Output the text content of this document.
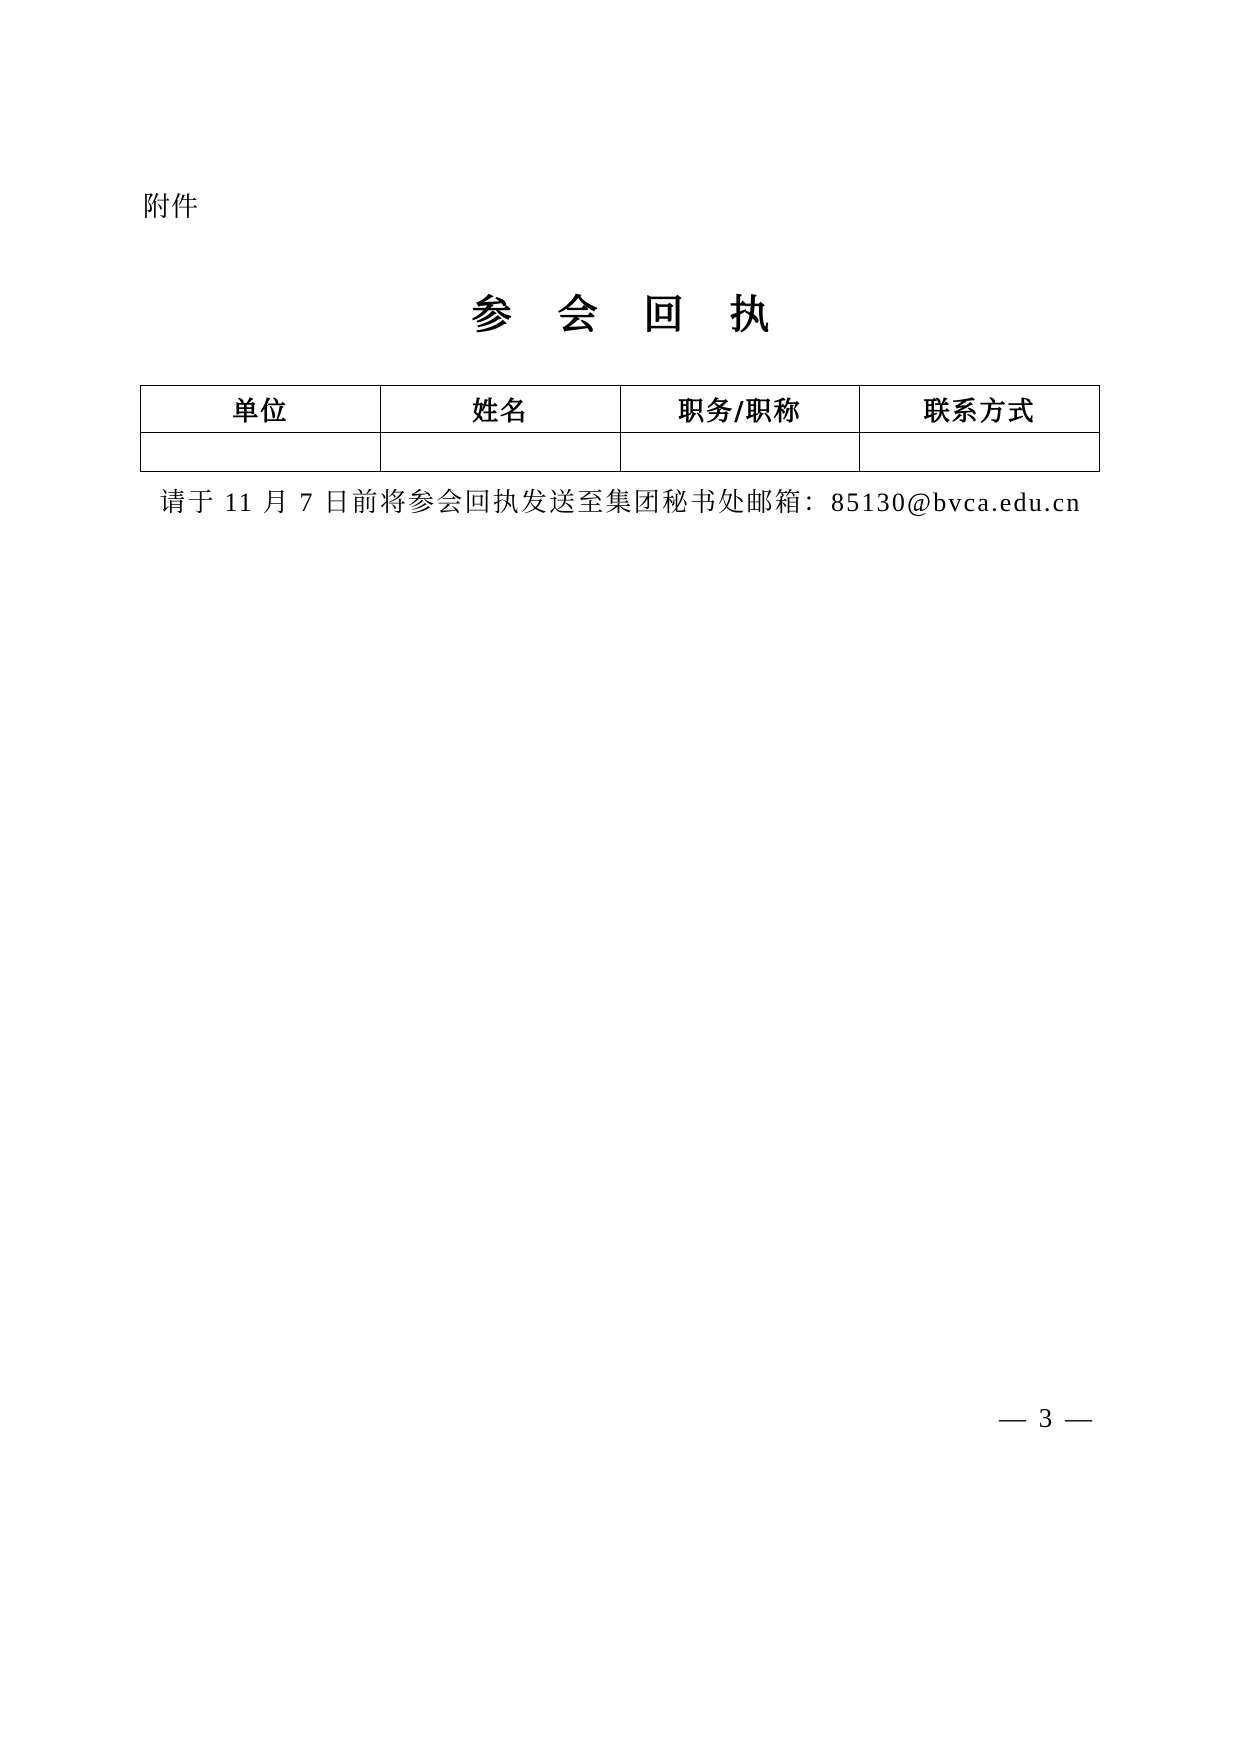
附件
参 会 回 执
单位	姓名	职务/职称	联系方式

请于 11 月 7 日前将参会回执发送至集团秘书处邮箱：85130@bvca.edu.cn
— 3 —
